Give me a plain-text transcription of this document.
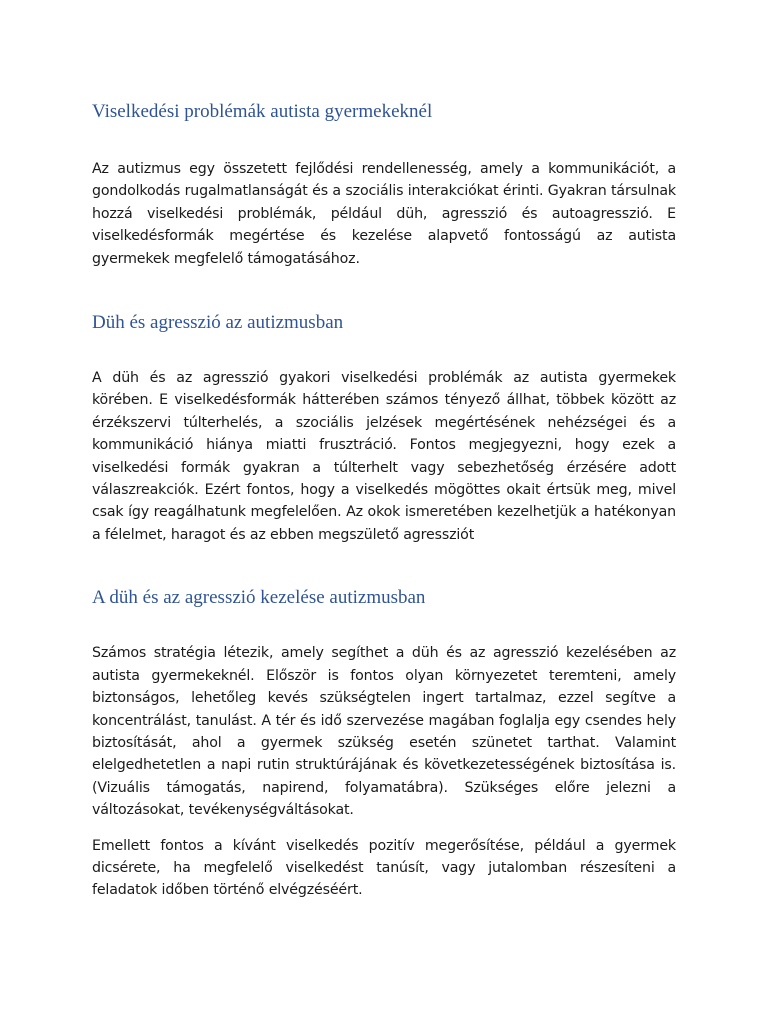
Viselkedési problémák autista gyermekeknél

Az autizmus egy összetett fejlődési rendellenesség, amely a kommunikációt, a gondolkodás rugalmatlanságát és a szociális interakciókat érinti. Gyakran társulnak hozzá viselkedési problémák, például düh, agresszió és autoagresszió. E viselkedésformák megértése és kezelése alapvető fontosságú az autista gyermekek megfelelő támogatásához.

Düh és agresszió az autizmusban

A düh és az agresszió gyakori viselkedési problémák az autista gyermekek körében. E viselkedésformák hátterében számos tényező állhat, többek között az érzékszervi túlterhelés, a szociális jelzések megértésének nehézségei és a kommunikáció hiánya miatti frusztráció. Fontos megjegyezni, hogy ezek a viselkedési formák gyakran a túlterhelt vagy sebezhetőség érzésére adott válaszreakciók. Ezért fontos, hogy a viselkedés mögöttes okait értsük meg, mivel csak így reagálhatunk megfelelően. Az okok ismeretében kezelhetjük a hatékonyan a félelmet, haragot és az ebben megszülető agressziót

A düh és az agresszió kezelése autizmusban

Számos stratégia létezik, amely segíthet a düh és az agresszió kezelésében az autista gyermekeknél. Először is fontos olyan környezetet teremteni, amely biztonságos, lehetőleg kevés szükségtelen ingert tartalmaz, ezzel segítve a koncentrálást, tanulást. A tér és idő szervezése magában foglalja egy csendes hely biztosítását, ahol a gyermek szükség esetén szünetet tarthat. Valamint elelgedhetetlen a napi rutin struktúrájának és következetességének biztosítása is. (Vizuális támogatás, napirend, folyamatábra). Szükséges előre jelezni a változásokat, tevékenységváltásokat.

Emellett fontos a kívánt viselkedés pozitív megerősítése, például a gyermek dicsérete, ha megfelelő viselkedést tanúsít, vagy jutalomban részesíteni a feladatok időben történő elvégzéséért.
